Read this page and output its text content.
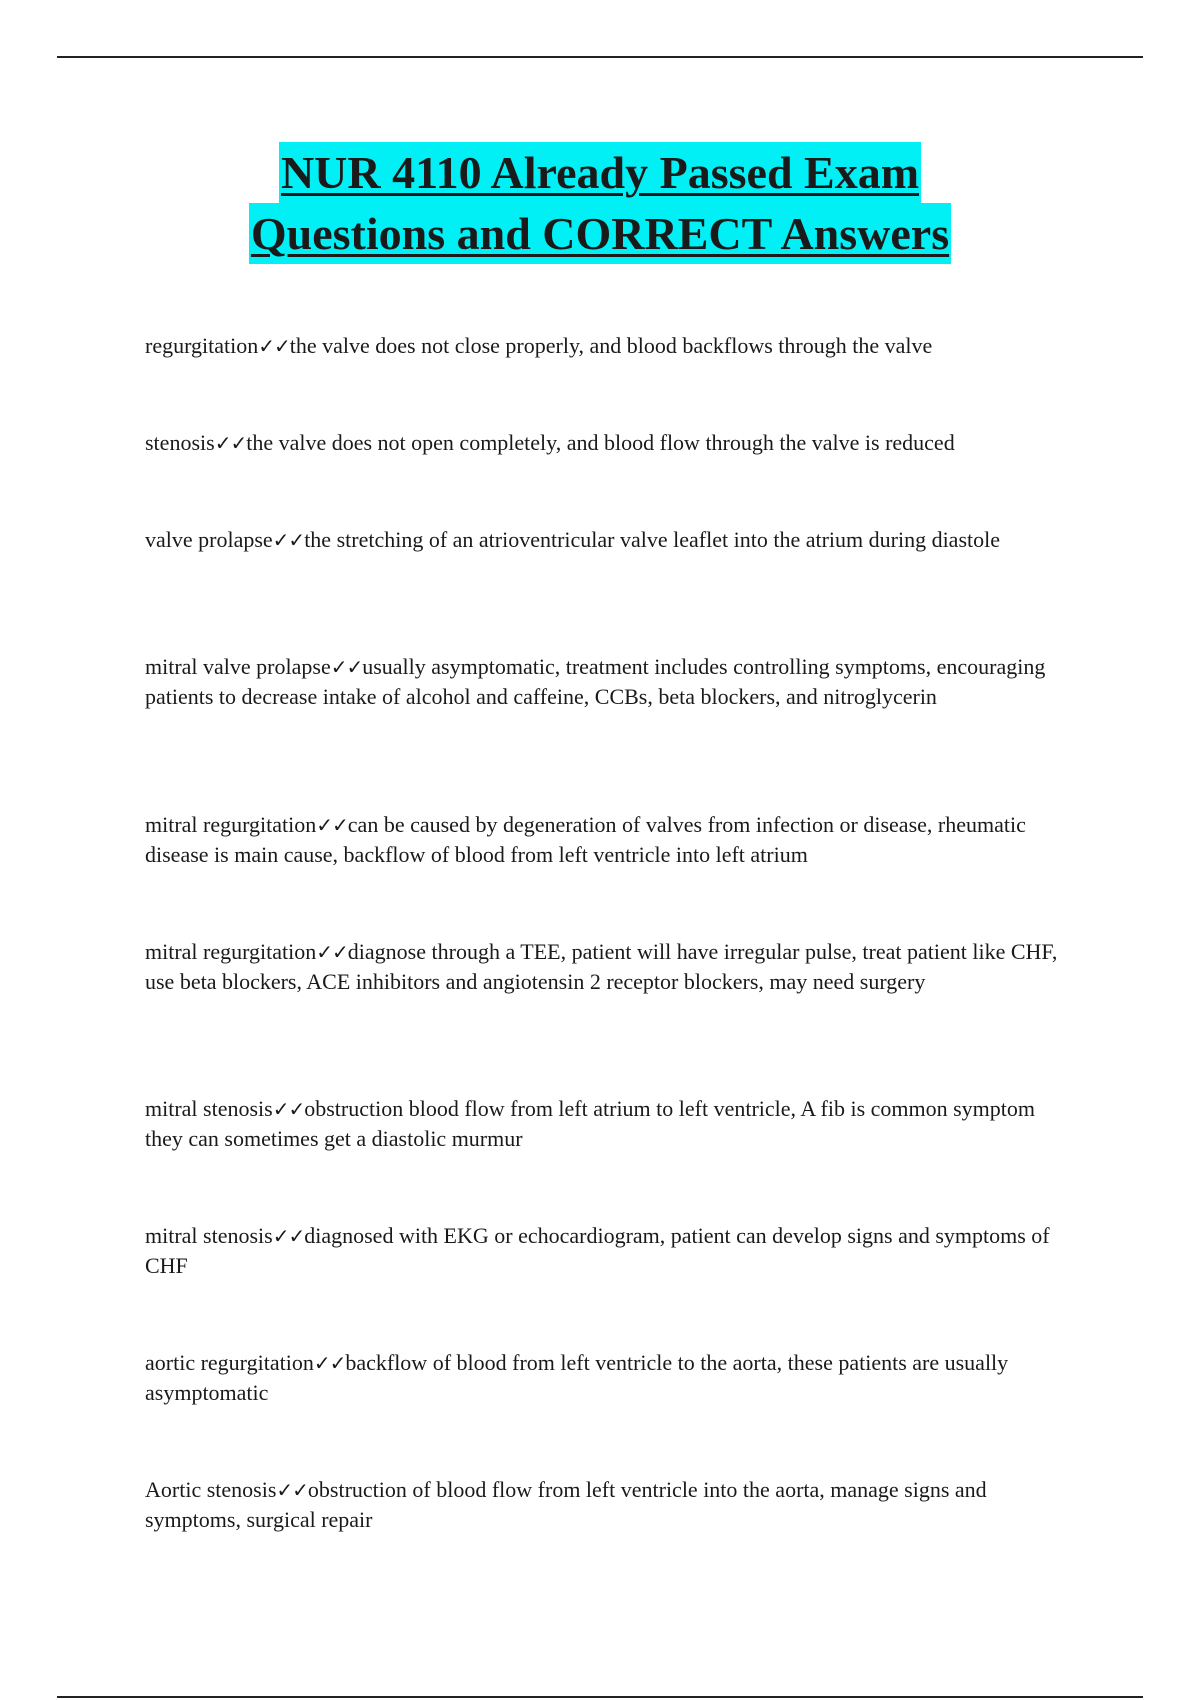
NUR 4110 Already Passed Exam
Questions and CORRECT Answers

regurgitation✓✓the valve does not close properly, and blood backflows through the valve

stenosis✓✓the valve does not open completely, and blood flow through the valve is reduced

valve prolapse✓✓the stretching of an atrioventricular valve leaflet into the atrium during diastole

mitral valve prolapse✓✓usually asymptomatic, treatment includes controlling symptoms, encouraging patients to decrease intake of alcohol and caffeine, CCBs, beta blockers, and nitroglycerin

mitral regurgitation✓✓can be caused by degeneration of valves from infection or disease, rheumatic disease is main cause, backflow of blood from left ventricle into left atrium

mitral regurgitation✓✓diagnose through a TEE, patient will have irregular pulse, treat patient like CHF, use beta blockers, ACE inhibitors and angiotensin 2 receptor blockers, may need surgery

mitral stenosis✓✓obstruction blood flow from left atrium to left ventricle, A fib is common symptom they can sometimes get a diastolic murmur

mitral stenosis✓✓diagnosed with EKG or echocardiogram, patient can develop signs and symptoms of CHF

aortic regurgitation✓✓backflow of blood from left ventricle to the aorta, these patients are usually asymptomatic

Aortic stenosis✓✓obstruction of blood flow from left ventricle into the aorta, manage signs and symptoms, surgical repair
